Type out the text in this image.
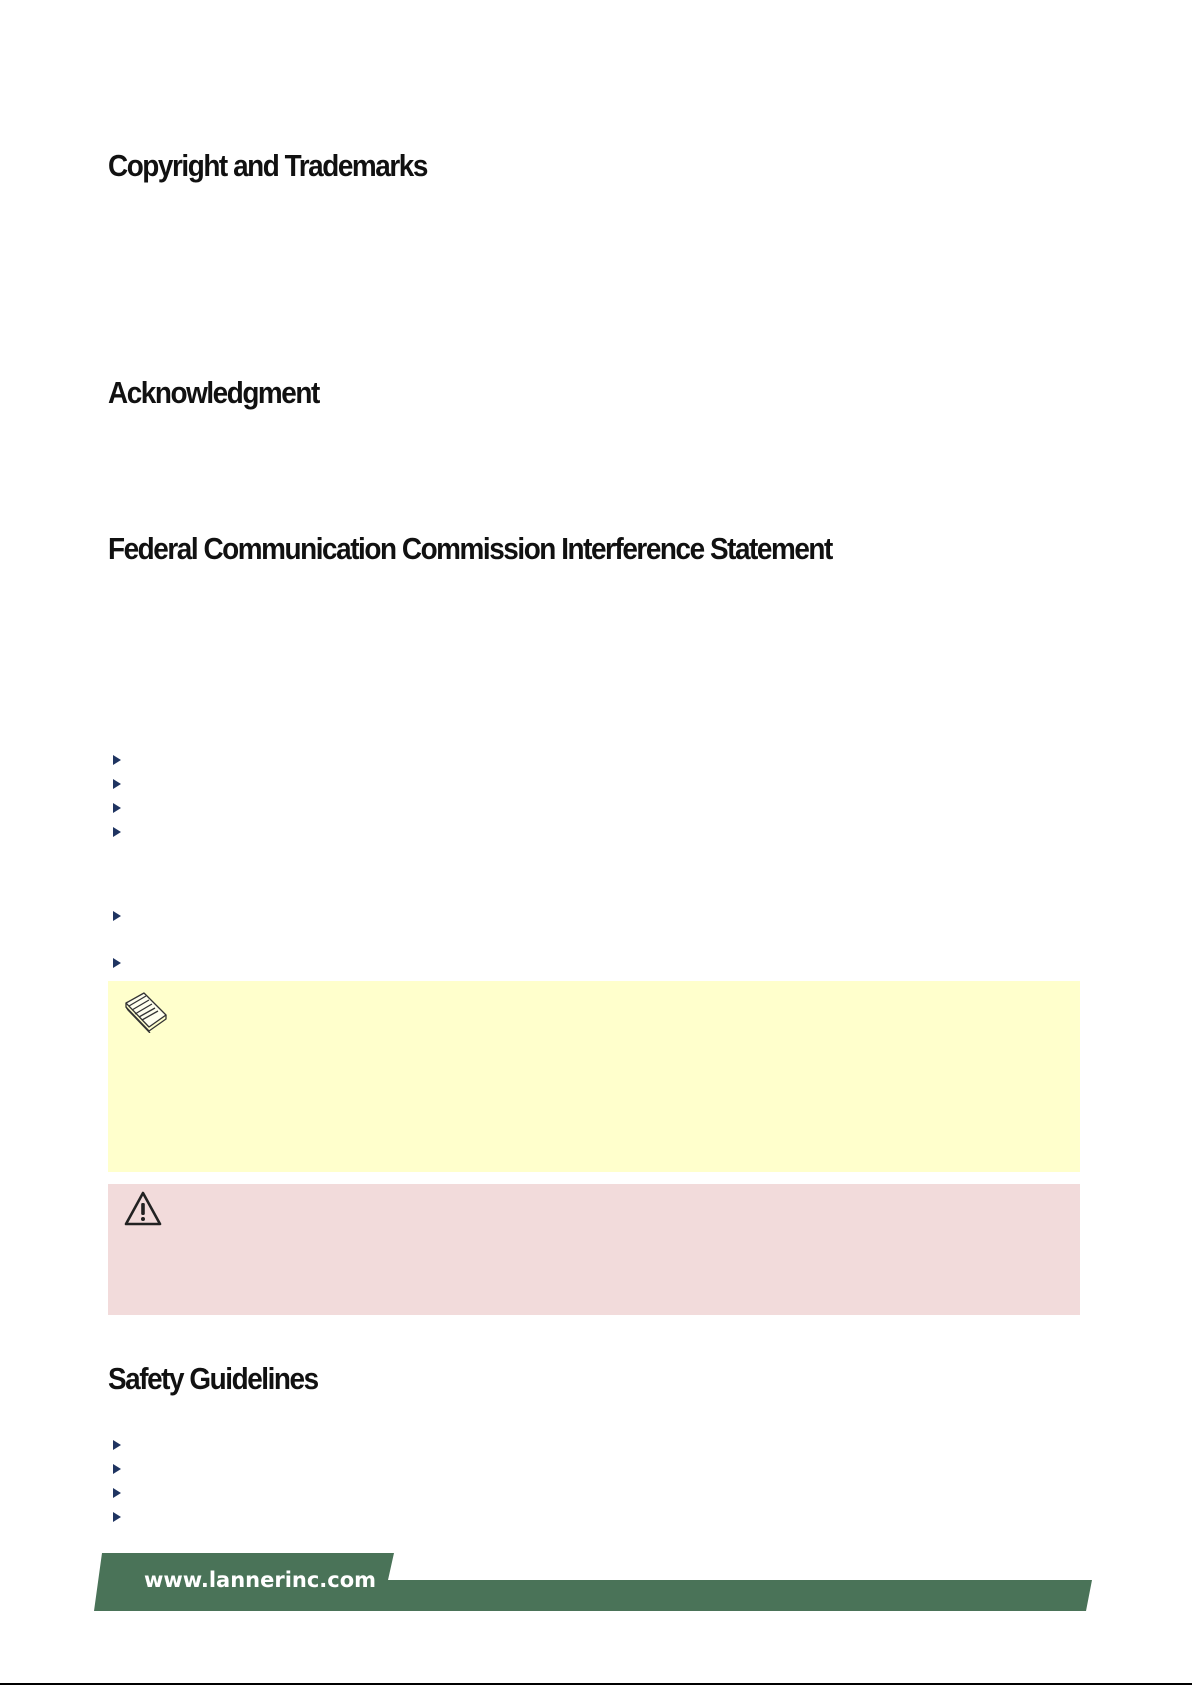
Copyright and Trademarks
Acknowledgment
Federal Communication Commission Interference Statement
Safety Guidelines
www.lannerinc.com
